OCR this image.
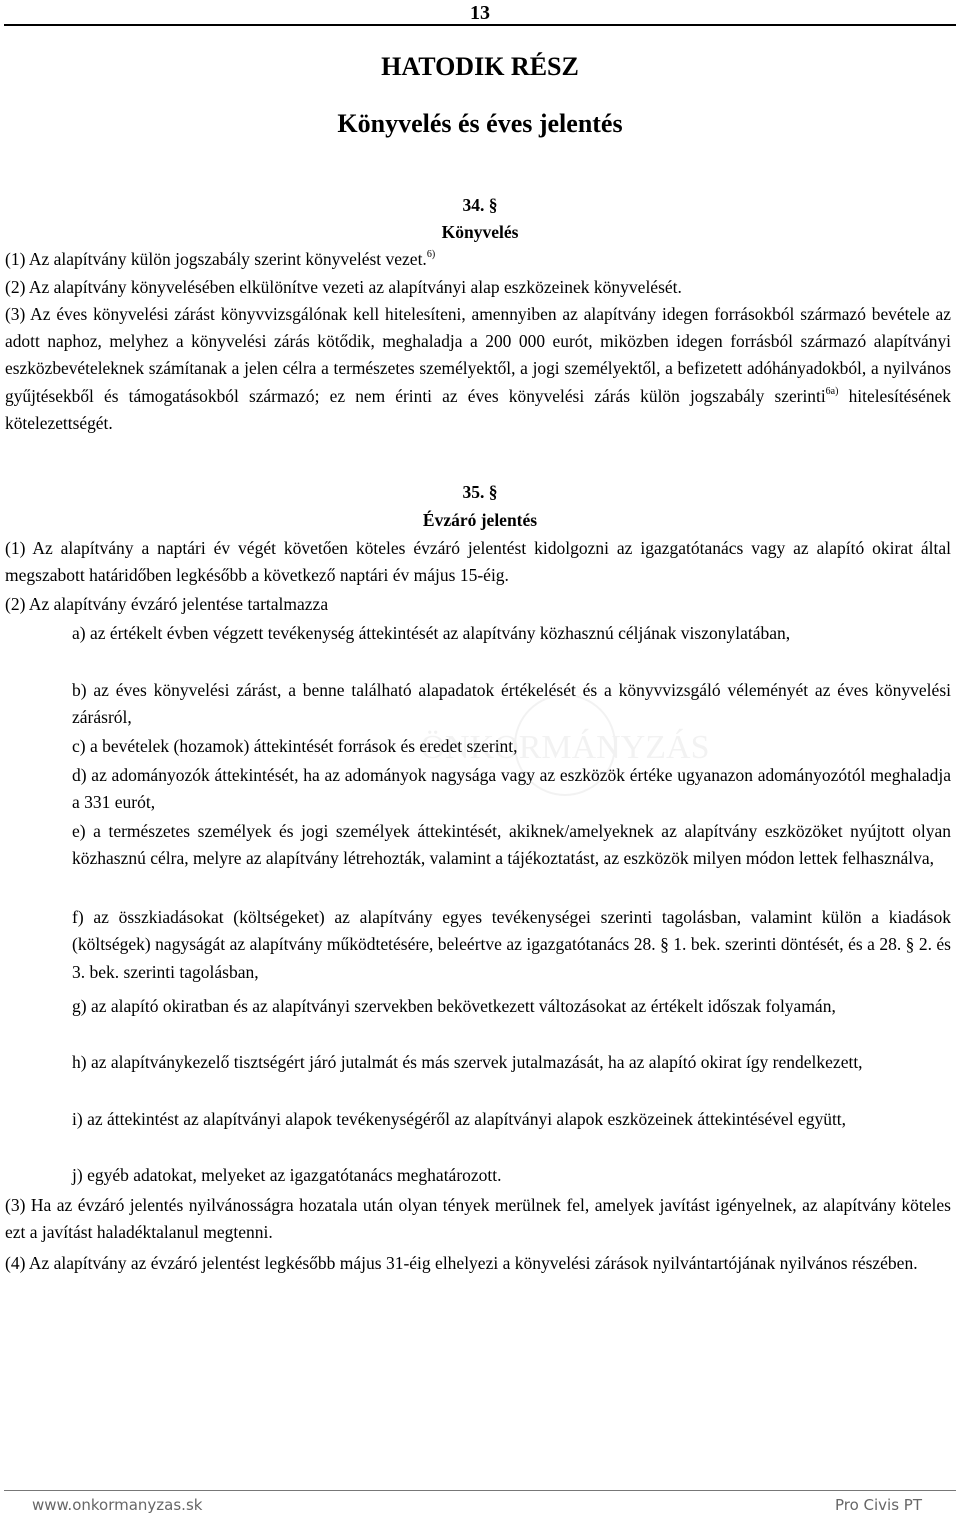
13
HATODIK RÉSZ
Könyvelés és éves jelentés
34. §
Könyvelés
(1) Az alapítvány külön jogszabály szerint könyvelést vezet.$^{6)}$
(2) Az alapítvány könyvelésében elkülönítve vezeti az alapítványi alap eszközeinek könyvelését.
(3) Az éves könyvelési zárást könyvvizsgálónak kell hitelesíteni, amennyiben az alapítvány idegen forrásokból származó bevétele az adott naphoz, melyhez a könyvelési zárás kötődik, meghaladja a 200 000 eurót, miközben idegen forrásból származó alapítványi eszközbevételeknek számítanak a jelen célra a természetes személyektől, a jogi személyektől, a befizetett adóhányadokból, a nyilvános gyűjtésekből és támogatásokból származó; ez nem érinti az éves könyvelési zárás külön jogszabály szerinti$^{6a)}$ hitelesítésének kötelezettségét.
35. §
Évzáró jelentés
(1) Az alapítvány a naptári év végét követően köteles évzáró jelentést kidolgozni az igazgatótanács vagy az alapító okirat által megszabott határidőben legkésőbb a következő naptári év május 15-éig.
(2) Az alapítvány évzáró jelentése tartalmazza
a) az értékelt évben végzett tevékenység áttekintését az alapítvány közhasznú céljának viszonylatában,
b) az éves könyvelési zárást, a benne található alapadatok értékelését és a könyvvizsgáló véleményét az éves könyvelési zárásról,
c) a bevételek (hozamok) áttekintését források és eredet szerint,
d) az adományozók áttekintését, ha az adományok nagysága vagy az eszközök értéke ugyanazon adományozótól meghaladja a 331 eurót,
e) a természetes személyek és jogi személyek áttekintését, akiknek/amelyeknek az alapítvány eszközöket nyújtott olyan közhasznú célra, melyre az alapítvány létrehozták, valamint a tájékoztatást, az eszközök milyen módon lettek felhasználva,
f) az összkiadásokat (költségeket) az alapítvány egyes tevékenységei szerinti tagolásban, valamint külön a kiadások (költségek) nagyságát az alapítvány működtetésére, beleértve az igazgatótanács 28. § 1. bek. szerinti döntését, és a 28. § 2. és 3. bek. szerinti tagolásban,
g) az alapító okiratban és az alapítványi szervekben bekövetkezett változásokat az értékelt időszak folyamán,
h) az alapítványkezelő tisztségért járó jutalmát és más szervek jutalmazását, ha az alapító okirat így rendelkezett,
i) az áttekintést az alapítványi alapok tevékenységéről az alapítványi alapok eszközeinek áttekintésével együtt,
j) egyéb adatokat, melyeket az igazgatótanács meghatározott.
(3) Ha az évzáró jelentés nyilvánosságra hozatala után olyan tények merülnek fel, amelyek javítást igényelnek, az alapítvány köteles ezt a javítást haladéktalanul megtenni.
(4) Az alapítvány az évzáró jelentést legkésőbb május 31-éig elhelyezi a könyvelési zárások nyilvántartójának nyilvános részében.
ÖNKORMÁNYZÁS
www.onkormanyzas.sk	Pro Civis PT
